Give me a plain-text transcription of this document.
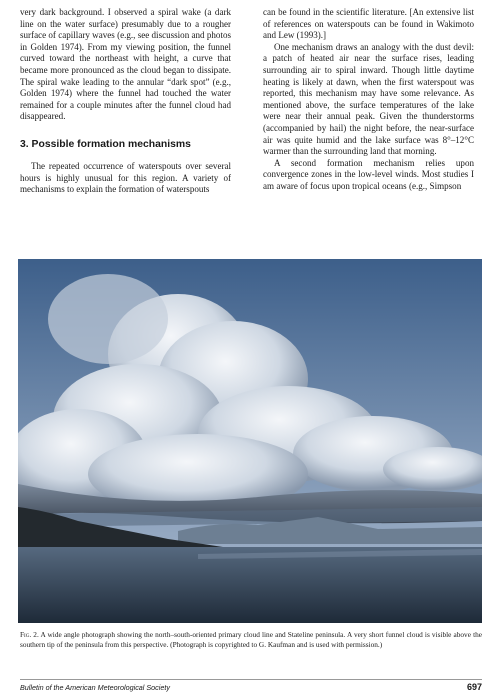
very dark background. I observed a spiral wake (a dark line on the water surface) presumably due to a rougher surface of capillary waves (e.g., see discussion and photos in Golden 1974). From my viewing position, the funnel curved toward the northeast with height, a curve that became more pronounced as the cloud began to dissipate. The spiral wake leading to the annular “dark spot” (e.g., Golden 1974) where the funnel had touched the water remained for a couple minutes after the funnel cloud had disappeared.

3. Possible formation mechanisms

The repeated occurrence of waterspouts over several hours is highly unusual for this region. A variety of mechanisms to explain the formation of waterspouts

can be found in the scientific literature. [An extensive list of references on waterspouts can be found in Wakimoto and Lew (1993).]

One mechanism draws an analogy with the dust devil: a patch of heated air near the surface rises, leading surrounding air to spiral inward. Though little daytime heating is likely at dawn, when the first waterspout was reported, this mechanism may have some relevance. As mentioned above, the surface temperatures of the lake were near their annual peak. Given the thunderstorms (accompanied by hail) the night before, the near-surface air was quite humid and the lake surface was 8°–12°C warmer than the surrounding land that morning.

A second formation mechanism relies upon convergence zones in the low-level winds. Most studies I am aware of focus upon tropical oceans (e.g., Simpson

Fig. 2. A wide angle photograph showing the north–south-oriented primary cloud line and Stateline peninsula. A very short funnel cloud is visible above the southern tip of the peninsula from this perspective. (Photograph is copyrighted to G. Kaufman and is used with permission.)
Bulletin of the American Meteorological Society	697
